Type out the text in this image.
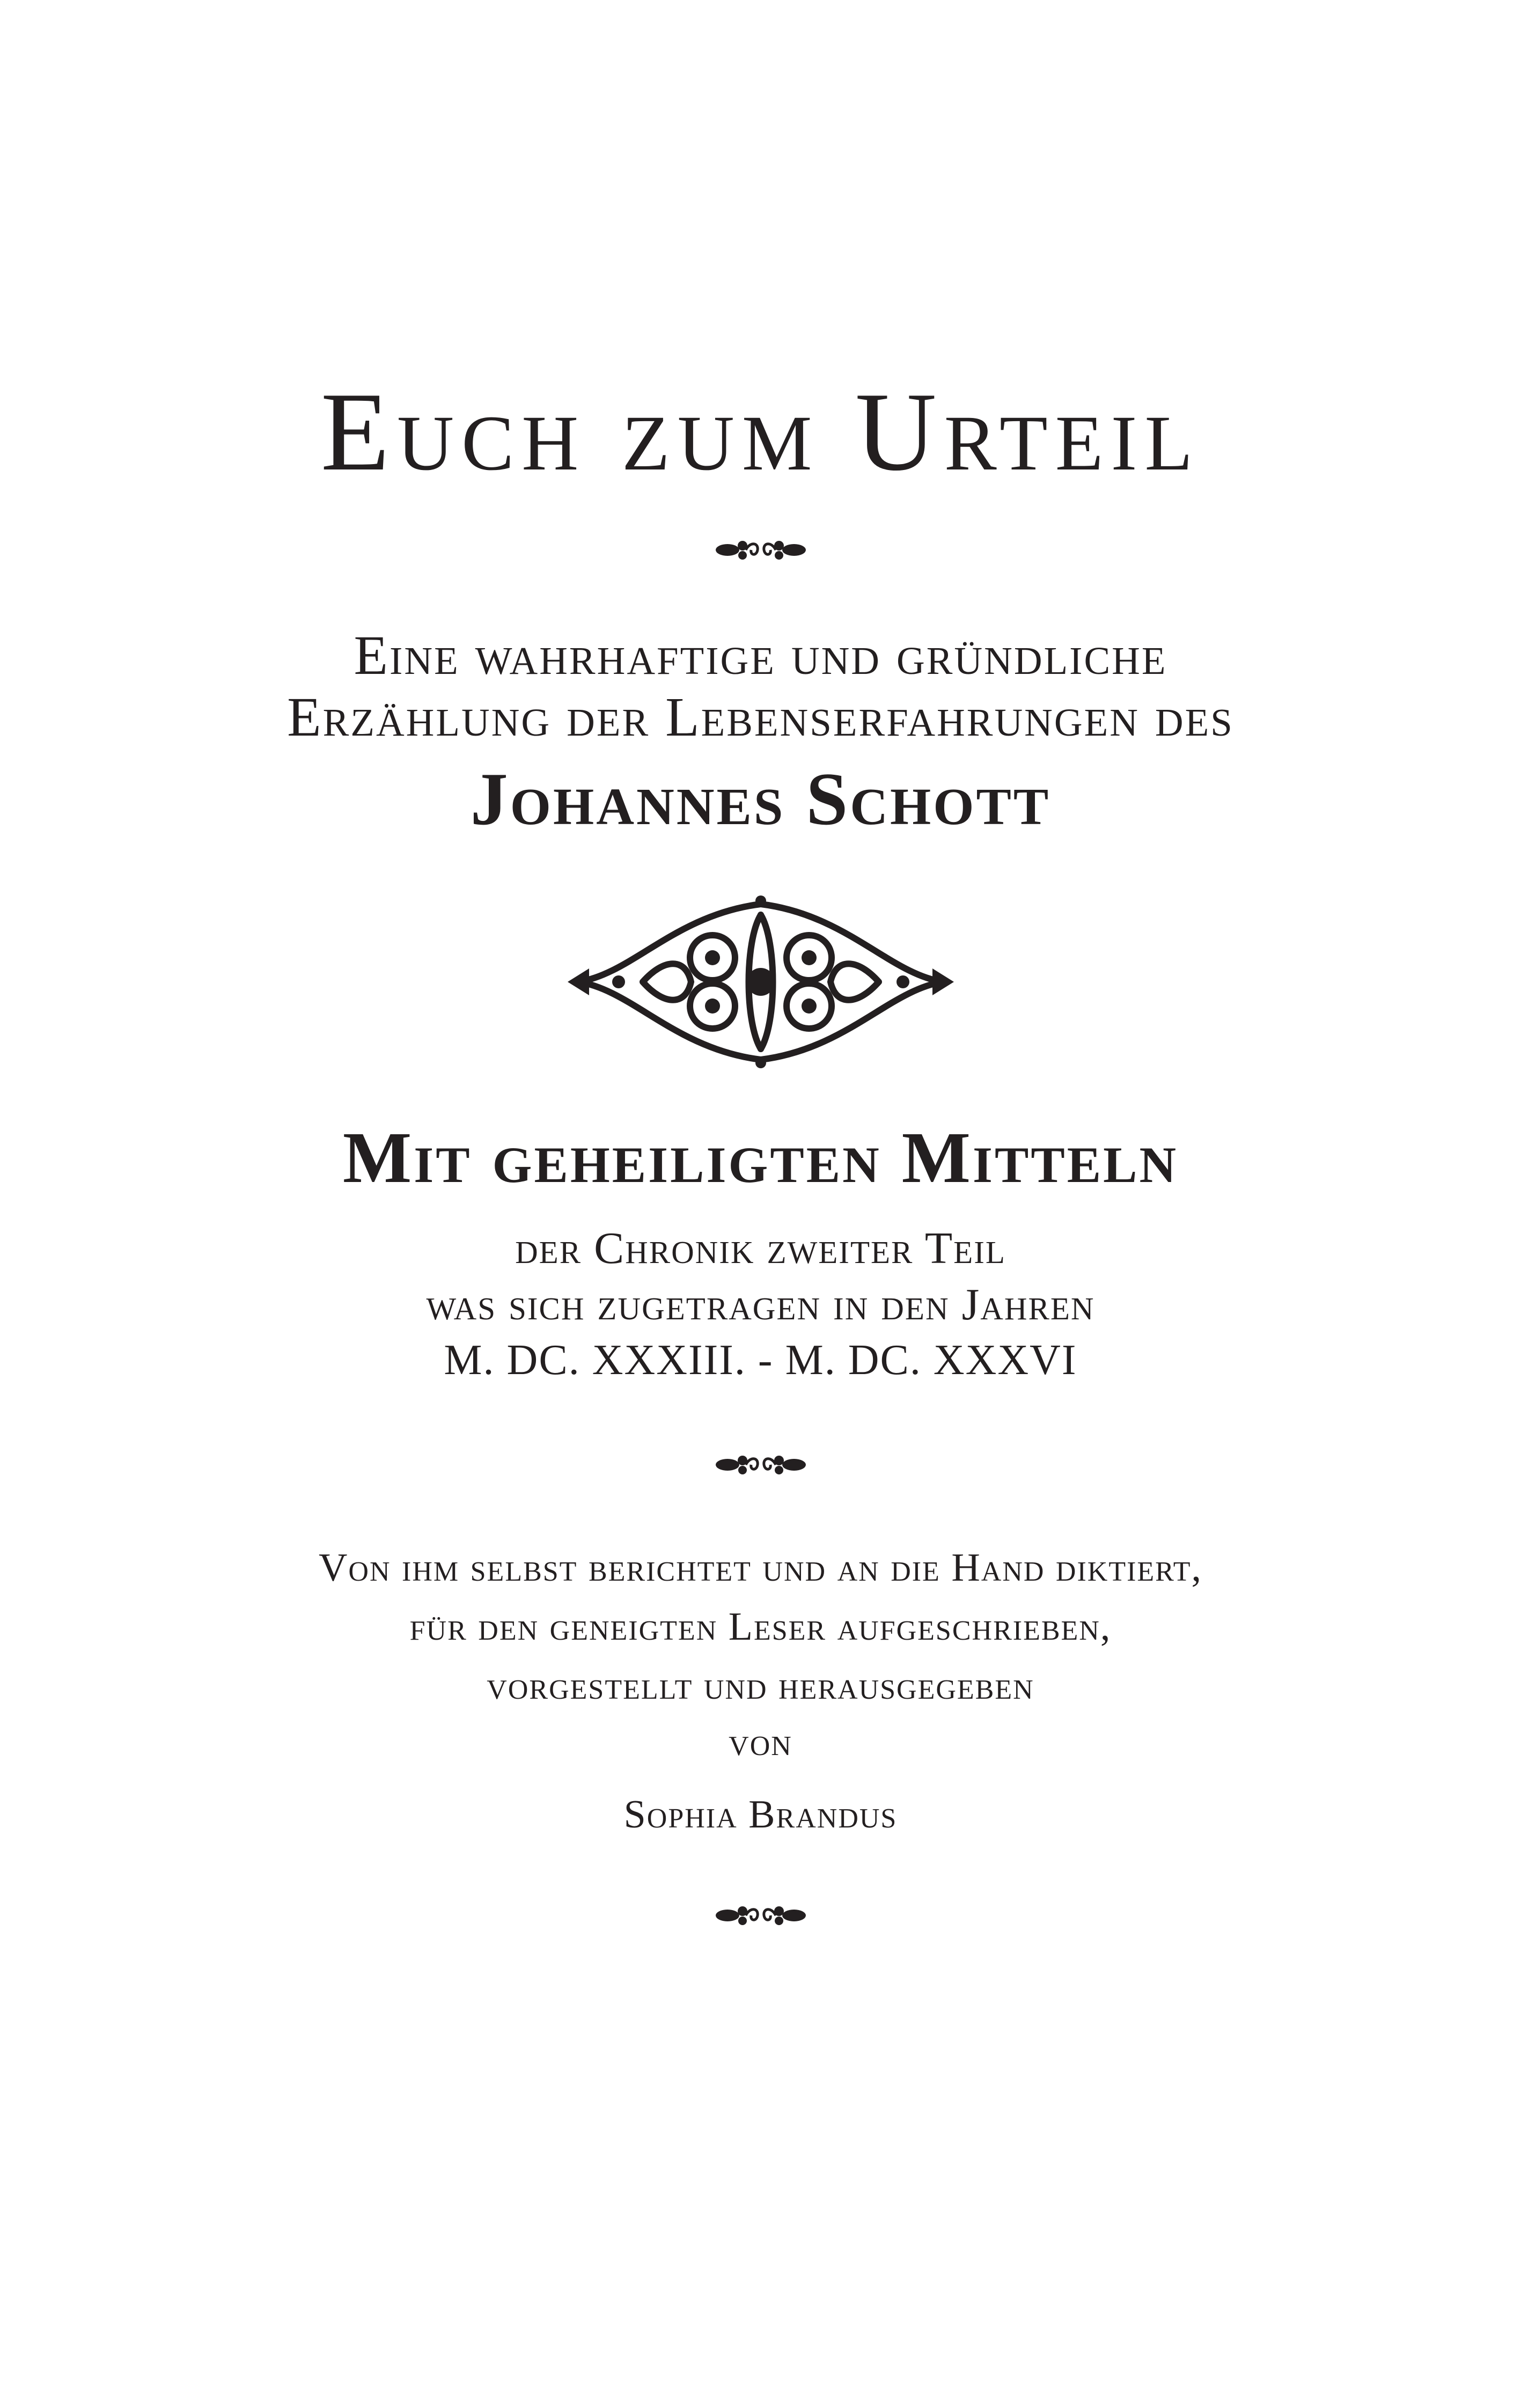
Euch zum Urteil
Eine wahrhaftige und gründliche
Erzählung der Lebenserfahrungen des
Johannes Schott
Mit geheiligten Mitteln
der Chronik zweiter Teil
was sich zugetragen in den Jahren
M. DC. XXXIII. - M. DC. XXXVI
Von ihm selbst berichtet und an die Hand diktiert,
für den geneigten Leser aufgeschrieben,
vorgestellt und herausgegeben
von
Sophia Brandus
